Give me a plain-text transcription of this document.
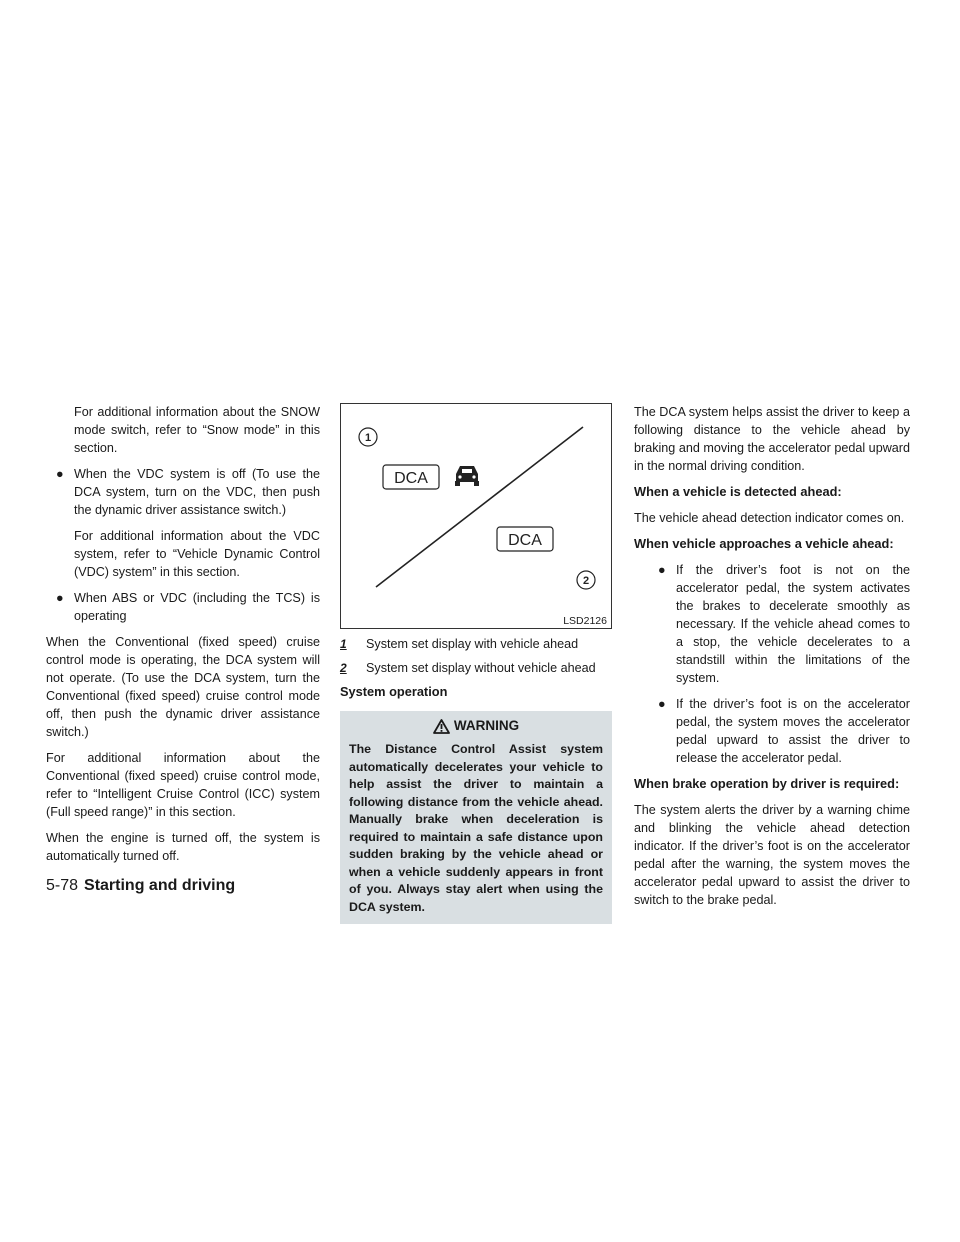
For additional information about the SNOW mode switch, refer to “Snow mode” in this section.

● When the VDC system is off (To use the DCA system, turn on the VDC, then push the dynamic driver assistance switch.)

For additional information about the VDC system, refer to “Vehicle Dynamic Control (VDC) system” in this section.

● When ABS or VDC (including the TCS) is operating

When the Conventional (fixed speed) cruise control mode is operating, the DCA system will not operate. (To use the DCA system, turn the Conventional (fixed speed) cruise control mode off, then push the dynamic driver assistance switch.)

For additional information about the Conventional (fixed speed) cruise control mode, refer to “Intelligent Cruise Control (ICC) system (Full speed range)” in this section.

When the engine is turned off, the system is automatically turned off.

1
DCA
DCA
2
LSD2126
1 System set display with vehicle ahead
2 System set display without vehicle ahead
System operation
WARNING
The Distance Control Assist system automatically decelerates your vehicle to help assist the driver to maintain a following distance from the vehicle ahead. Manually brake when deceleration is required to maintain a safe distance upon sudden braking by the vehicle ahead or when a vehicle suddenly appears in front of you. Always stay alert when using the DCA system.

The DCA system helps assist the driver to keep a following distance to the vehicle ahead by braking and moving the accelerator pedal upward in the normal driving condition.

When a vehicle is detected ahead:

The vehicle ahead detection indicator comes on.

When vehicle approaches a vehicle ahead:
● If the driver’s foot is not on the accelerator pedal, the system activates the brakes to decelerate smoothly as necessary. If the vehicle ahead comes to a stop, the vehicle decelerates to a standstill within the limitations of the system.
● If the driver’s foot is on the accelerator pedal, the system moves the accelerator pedal upward to assist the driver to release the accelerator pedal.
When brake operation by driver is required:

The system alerts the driver by a warning chime and blinking the vehicle ahead detection indicator. If the driver’s foot is on the accelerator pedal after the warning, the system moves the accelerator pedal upward to assist the driver to switch to the brake pedal.

5-78 Starting and driving
